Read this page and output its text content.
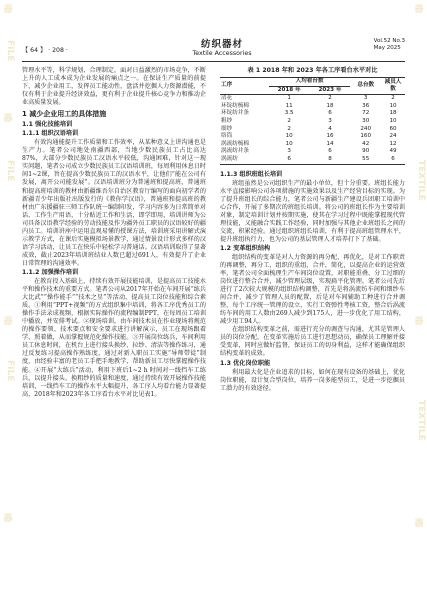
器
FILE
器
FILE
器
FILE
器
器
TEXTILE
器
TEXTILE
器
【 64 】 · 208 ·
纺织器材
Textile Accessories
Vol.52 No.3
May 2025

管理水平等，科学规划、合理制定，面对日益激烈的市场竞争，不断上升的人工成本成为企业发展的痛点之一。在保证生产质量的前提下，减少企业用工，发挥员工能动性，盘活并挖掘人力资源潜能，不仅有利于企业提升经济效益，更有利于企业提升核心竞争力和推动企业高质量发展。

1 减少企业用工的具体措施
1.1 强化技能培训
1.1.1 组织汉语培训

有效沟通能提升工作质量和工作效率，从某种意义上讲沟通也是生产力。笔者公司地处南疆西部，当地少数民族员工占比高达87%，大部分少数民族员工汉语水平较低，沟通困难，针对这一现实问题，笔者公司成立少数民族员工汉语培训班，每周利用休息日时间1~2课，旨在提高少数民族员工的汉语水平，让他们“能在公司有发展，离开公司能发展”。汉语培训班分为普通班和提高班，普通班和提高班培训的教材由新疆维吾尔自治区教育厅编写的面向初学者的新疆青少年出版社出版发行的《教你学汉语》，普通班和提高班的教材由广东援疆驻三师工作队统一编制印发，学习内容多为日常简单对话、工作生产用语，十分贴近工作和生活，即学即用，培训讲师为公司具备汉语教学经验的劳动技能及作为疆外员工职员的汉语较好的疆内员工。培训讲座中运用直观易懂的授课方法，培训班采用讲解式演示教学方式，在课后实施模拟场景教学，通过情景设计形式多样的汉语学习活动，让员工在快乐中轻松学习普通话。汉语培训取得了显著成效，截止2023年培训班结业人数已超过691人，有效提升了企业日常管理的沟通效率。

1.1.2 加强操作培训

在教育投入基础上，持续有效开展技能培训，是提高员工技能水平和操作技术的重要方式。笔者公司从2017年开始在车间开展“练兵大比武”“操作能手”“技术之星”等活动，提高员工岗位技能和综合素质。①利用“PPT+视频”的方式组织集中培训，将各工序优秀员工的操作手法录成视频，根据实际操作的流程编制PPT，在每周员工培训中播放，并安排考试。②现场培训，由车间技术员在作业现场将规范的操作要领、技术要点和安全要求进行讲解演示，员工在现场跟着学、照着做，从而掌握规范化操作技能。③开展岗位练兵，车间利用员工休息时间，在机台上进行接头换纱、拉纱、清洁等操作练习，通过反复练习提高操作熟练度，通过对新入职员工实施“导师带徒”制度，由经验丰富的老员工手把手地教学，帮助新员工尽快掌握操作技能。④开展“大练兵”活动，利用下班后1~2 h 时间对一线挡车工练兵，以提升接头、换粗纱的质量和速度，通过持续有效开展操作技能培训，一线挡车工的操作水平大幅提升，各工序人均看台能力显著提高，2018年和2023年各工序看台水平对比见表1。

表 1 2018 年和 2023 年各工序看台水平对比
工序	人均看台数		总台数	减员人数
	2018 年	2023 年		
清花	1	2	3	2
环锭纺梳棉	11	18	36	10
环锭纺并条	3.5	6	72	18
粗纱	2	3	30	10
细纱	2	4	240	60
络筒	10	16	160	24
涡流纺梳棉	10	14	42	12
涡流纺并条	3	6	90	49
涡流纺	6	8	55	6
1.1.3 组织班组长培训

班组虽然是公司组织生产的最小单位，但十分重要。班组长能力水平直接影响公司各项措施的实施效果以及生产经营目标的实现。为了提升班组长的综合能力，笔者公司与新疆生产建设兵团职工培训中心合作，开展了多期次的班组长培训。将公司的班组长作为主要培训对象，制定培训计划并按期实施，使其在学习过程中既能掌握现代管理技能，又能融合实践工作经验，同时加强与其他企业班组长之间的交流，积累经验。通过组织班组长培训，有利于提高班组管理水平，提升班组执行力，也为公司的基层管理人才培养打下了基础。

1.2 变革组织结构

组织结构的变革是对人力资源的再分配，再优化，是对工作职责的再调整，再分工，组织的重组，合并，简化，以提高企业的运营效率，笔者公司全面梳理生产车间岗位设置，对职能重叠、分工过细的岗位进行整合合并，减少管理层级，实现扁平化管理。笔者公司先后进行了2次较大规模的组织结构调整，首先是将涡流纺车间和细纱车间合并，减少了管理人员的配置，后是对车间辅助工种进行合并调整，每个工序统一管理的设立，实行工资弹性考核工资，整合后涡流纺车间的用工人数由269人减少到175人，进一步优化了用工结构，减少用工94人。

在组织结构变革之前，需进行充分的调查与沟通，尤其是管理人员的岗位分配，在变革实施后员工进行思想动员，确保员工理解并接受变革，同时应做好监督，保证员工的切身利益，这样才能确保组织结构变革的成效。

1.3 优化岗位职能

利用最大化是企业追求的目标，如何在现有设备的基础上，优化岗位职能，设计复合型岗位，培养一岗多能型员工，是进一步挖掘员工潜力的有效途径。
